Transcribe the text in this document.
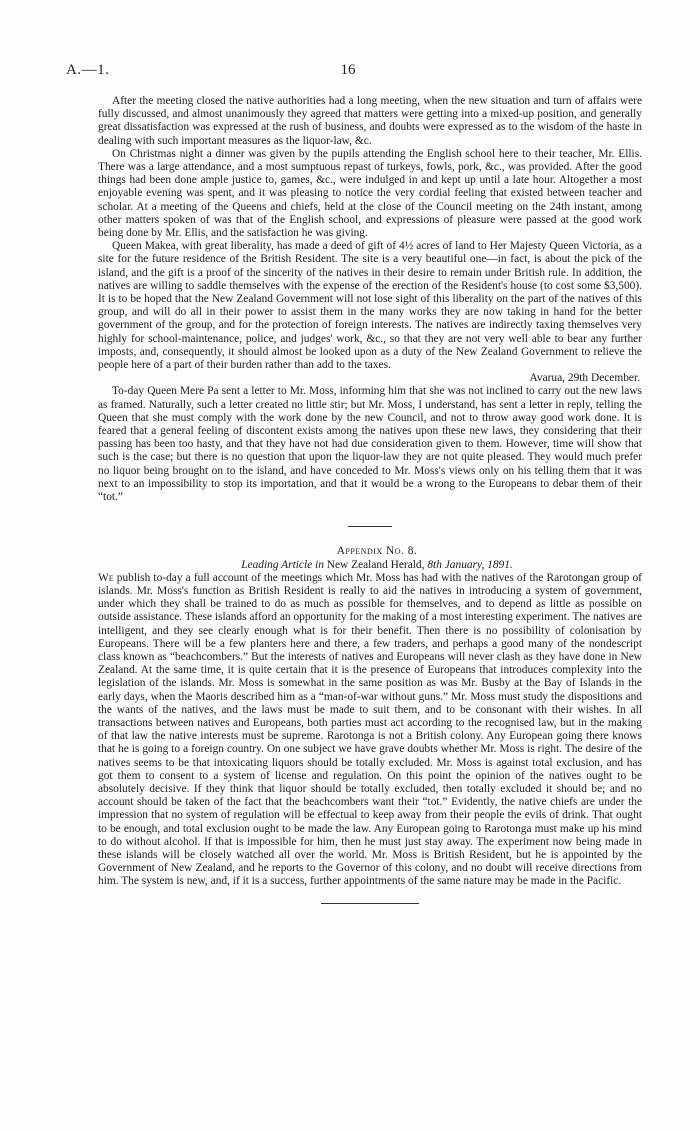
A.—1.	16

After the meeting closed the native authorities had a long meeting, when the new situation and turn of affairs were fully discussed, and almost unanimously they agreed that matters were getting into a mixed-up position, and generally great dissatisfaction was expressed at the rush of business, and doubts were expressed as to the wisdom of the haste in dealing with such important measures as the liquor-law, &c.

On Christmas night a dinner was given by the pupils attending the English school here to their teacher, Mr. Ellis. There was a large attendance, and a most sumptuous repast of turkeys, fowls, pork, &c., was provided. After the good things had been done ample justice to, games, &c., were indulged in and kept up until a late hour. Altogether a most enjoyable evening was spent, and it was pleasing to notice the very cordial feeling that existed between teacher and scholar. At a meeting of the Queens and chiefs, held at the close of the Council meeting on the 24th instant, among other matters spoken of was that of the English school, and expressions of pleasure were passed at the good work being done by Mr. Ellis, and the satisfaction he was giving.

Queen Makea, with great liberality, has made a deed of gift of 4½ acres of land to Her Majesty Queen Victoria, as a site for the future residence of the British Resident. The site is a very beautiful one—in fact, is about the pick of the island, and the gift is a proof of the sincerity of the natives in their desire to remain under British rule. In addition, the natives are willing to saddle themselves with the expense of the erection of the Resident's house (to cost some $3,500). It is to be hoped that the New Zealand Government will not lose sight of this liberality on the part of the natives of this group, and will do all in their power to assist them in the many works they are now taking in hand for the better government of the group, and for the protection of foreign interests. The natives are indirectly taxing themselves very highly for school-maintenance, police, and judges' work, &c., so that they are not very well able to bear any further imposts, and, consequently, it should almost be looked upon as a duty of the New Zealand Government to relieve the people here of a part of their burden rather than add to the taxes.

Avarua, 29th December.

To-day Queen Mere Pa sent a letter to Mr. Moss, informing him that she was not inclined to carry out the new laws as framed. Naturally, such a letter created no little stir; but Mr. Moss, I understand, has sent a letter in reply, telling the Queen that she must comply with the work done by the new Council, and not to throw away good work done. It is feared that a general feeling of discontent exists among the natives upon these new laws, they considering that their passing has been too hasty, and that they have not had due consideration given to them. However, time will show that such is the case; but there is no question that upon the liquor-law they are not quite pleased. They would much prefer no liquor being brought on to the island, and have conceded to Mr. Moss's views only on his telling them that it was next to an impossibility to stop its importation, and that it would be a wrong to the Europeans to debar them of their “tot.”

Appendix No. 8.

Leading Article in New Zealand Herald, 8th January, 1891.

We publish to-day a full account of the meetings which Mr. Moss has had with the natives of the Rarotongan group of islands. Mr. Moss's function as British Resident is really to aid the natives in introducing a system of government, under which they shall be trained to do as much as possible for themselves, and to depend as little as possible on outside assistance. These islands afford an opportunity for the making of a most interesting experiment. The natives are intelligent, and they see clearly enough what is for their benefit. Then there is no possibility of colonisation by Europeans. There will be a few planters here and there, a few traders, and perhaps a good many of the nondescript class known as “beachcombers.” But the interests of natives and Europeans will never clash as they have done in New Zealand. At the same time, it is quite certain that it is the presence of Europeans that introduces complexity into the legislation of the islands. Mr. Moss is somewhat in the same position as was Mr. Busby at the Bay of Islands in the early days, when the Maoris described him as a “man-of-war without guns.” Mr. Moss must study the dispositions and the wants of the natives, and the laws must be made to suit them, and to be consonant with their wishes. In all transactions between natives and Europeans, both parties must act according to the recognised law, but in the making of that law the native interests must be supreme. Rarotonga is not a British colony. Any European going there knows that he is going to a foreign country. On one subject we have grave doubts whether Mr. Moss is right. The desire of the natives seems to be that intoxicating liquors should be totally excluded. Mr. Moss is against total exclusion, and has got them to consent to a system of license and regulation. On this point the opinion of the natives ought to be absolutely decisive. If they think that liquor should be totally excluded, then totally excluded it should be; and no account should be taken of the fact that the beachcombers want their “tot.” Evidently, the native chiefs are under the impression that no system of regulation will be effectual to keep away from their people the evils of drink. That ought to be enough, and total exclusion ought to be made the law. Any European going to Rarotonga must make up his mind to do without alcohol. If that is impossible for him, then he must just stay away. The experiment now being made in these islands will be closely watched all over the world. Mr. Moss is British Resident, but he is appointed by the Government of New Zealand, and he reports to the Governor of this colony, and no doubt will receive directions from him. The system is new, and, if it is a success, further appointments of the same nature may be made in the Pacific.
